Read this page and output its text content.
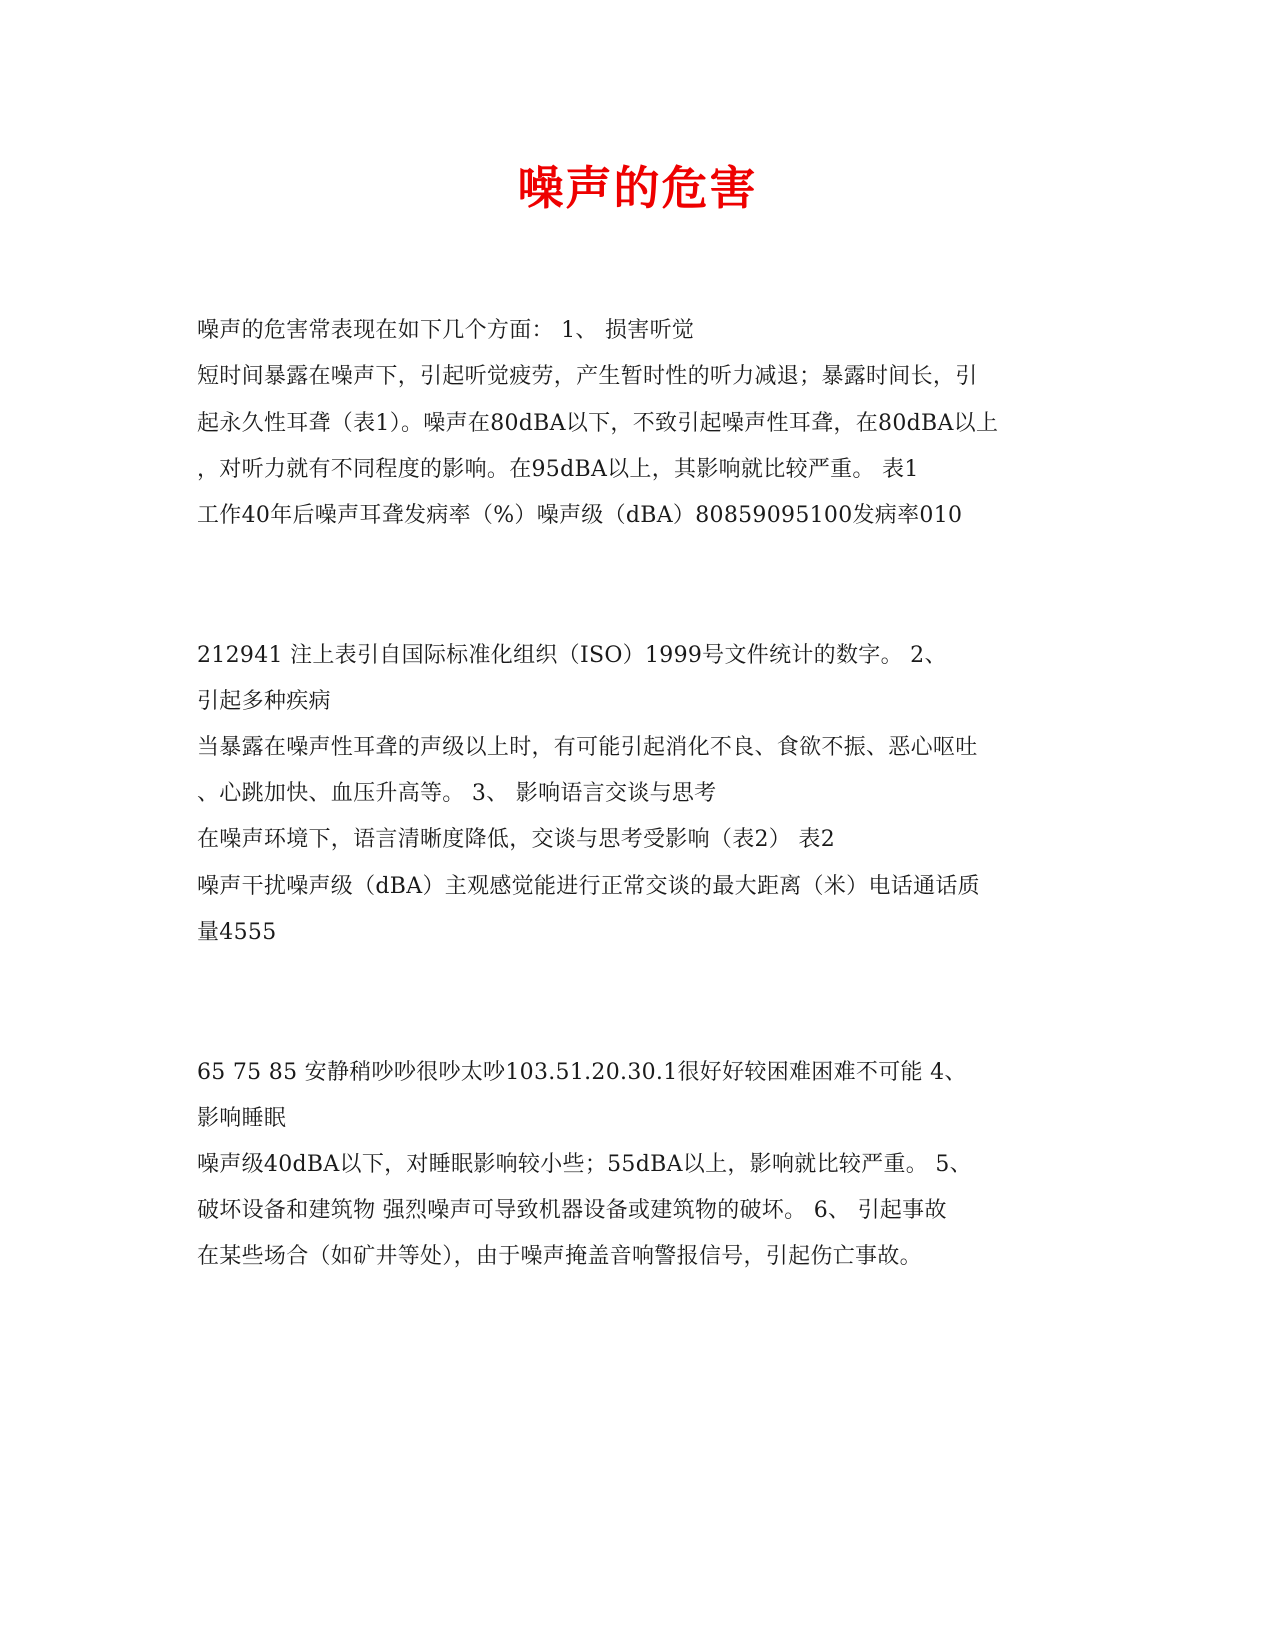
噪声的危害
噪声的危害常表现在如下几个方面： 1、 损害听觉
短时间暴露在噪声下，引起听觉疲劳，产生暂时性的听力减退；暴露时间长，引
起永久性耳聋（表1）。噪声在80dBA以下，不致引起噪声性耳聋，在80dBA以上
，对听力就有不同程度的影响。在95dBA以上，其影响就比较严重。 表1
工作40年后噪声耳聋发病率（%）噪声级（dBA）80859095100发病率010
212941 注上表引自国际标准化组织（ISO）1999号文件统计的数字。 2、
引起多种疾病
当暴露在噪声性耳聋的声级以上时，有可能引起消化不良、食欲不振、恶心呕吐
、心跳加快、血压升高等。 3、 影响语言交谈与思考
在噪声环境下，语言清晰度降低，交谈与思考受影响（表2） 表2
噪声干扰噪声级（dBA）主观感觉能进行正常交谈的最大距离（米）电话通话质
量4555
65 75 85 安静稍吵吵很吵太吵103.51.20.30.1很好好较困难困难不可能 4、
影响睡眠
噪声级40dBA以下，对睡眠影响较小些；55dBA以上，影响就比较严重。 5、
破坏设备和建筑物 强烈噪声可导致机器设备或建筑物的破坏。 6、 引起事故
在某些场合（如矿井等处），由于噪声掩盖音响警报信号，引起伤亡事故。
